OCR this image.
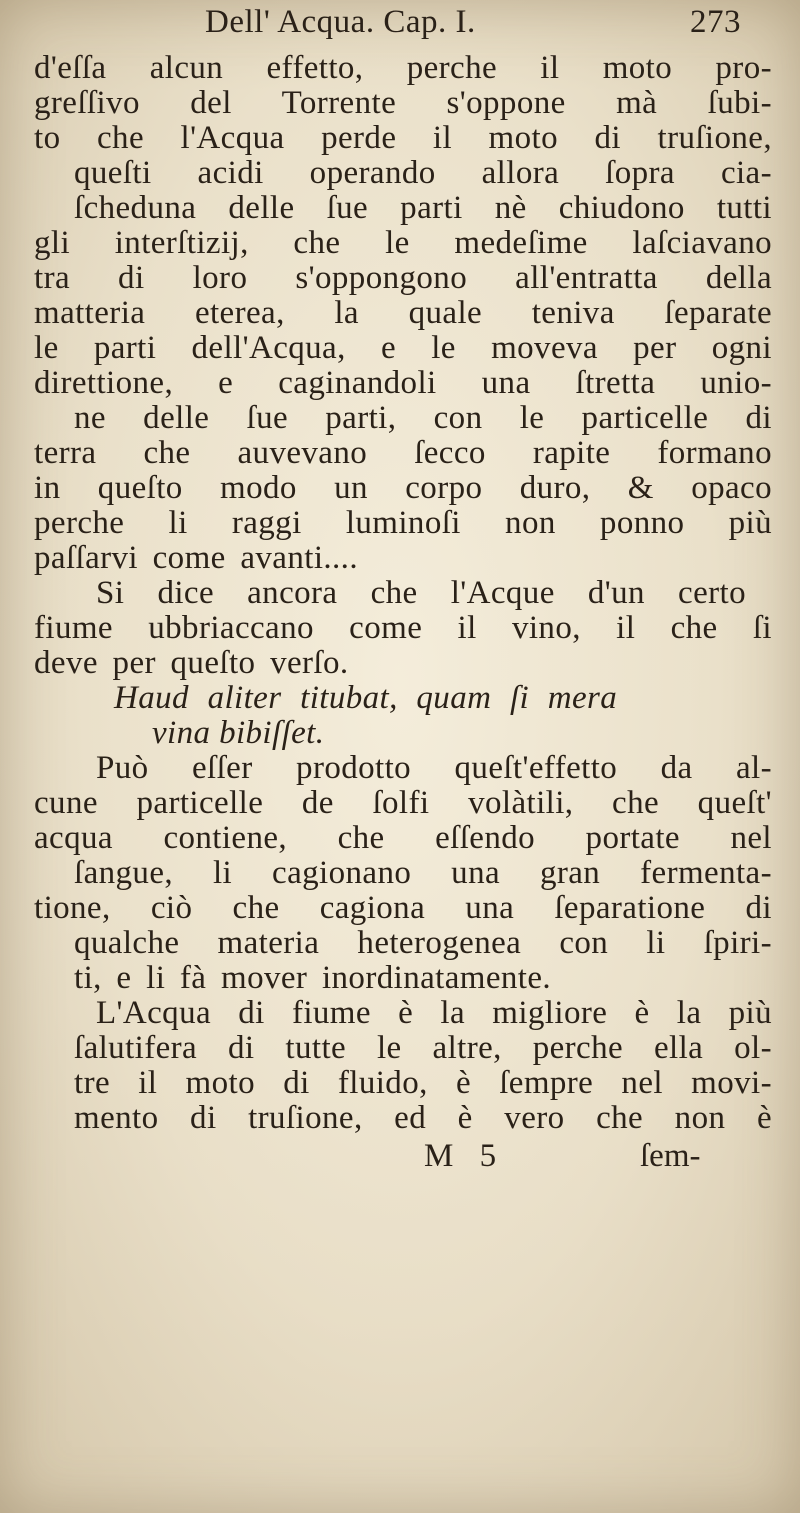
Dell' Acqua. Cap. I.	273
d'eſſa alcun effetto, perche il moto pro-
greſſivo del Torrente s'oppone mà ſubi-
to che l'Acqua perde il moto di truſione,
queſti acidi operando allora ſopra cia-
ſcheduna delle ſue parti nè chiudono tutti
gli interſtizij, che le medeſime laſciavano
tra di loro s'oppongono all'entratta della
matteria eterea, la quale teniva ſeparate
le parti dell'Acqua, e le moveva per ogni
direttione, e caginandoli una ſtretta unio-
ne delle ſue parti, con le particelle di
terra che auvevano ſecco rapite formano
in queſto modo un corpo duro, & opaco
perche li raggi luminoſi non ponno più
paſſarvi come avanti....
Si dice ancora che l'Acque d'un certo
fiume ubbriaccano come il vino, il che ſi
deve per queſto verſo.
Haud aliter titubat, quam ſi mera
vina bibiſſet.
Può eſſer prodotto queſt'effetto da al-
cune particelle de ſolfi volàtili, che queſt'
acqua contiene, che eſſendo portate nel
ſangue, li cagionano una gran fermenta-
tione, ciò che cagiona una ſeparatione di
qualche materia heterogenea con li ſpiri-
ti, e li fà mover inordinatamente.
L'Acqua di fiume è la migliore è la più
ſalutifera di tutte le altre, perche ella ol-
tre il moto di fluido, è ſempre nel movi-
mento di truſione, ed è vero che non è
M 5	ſem-
